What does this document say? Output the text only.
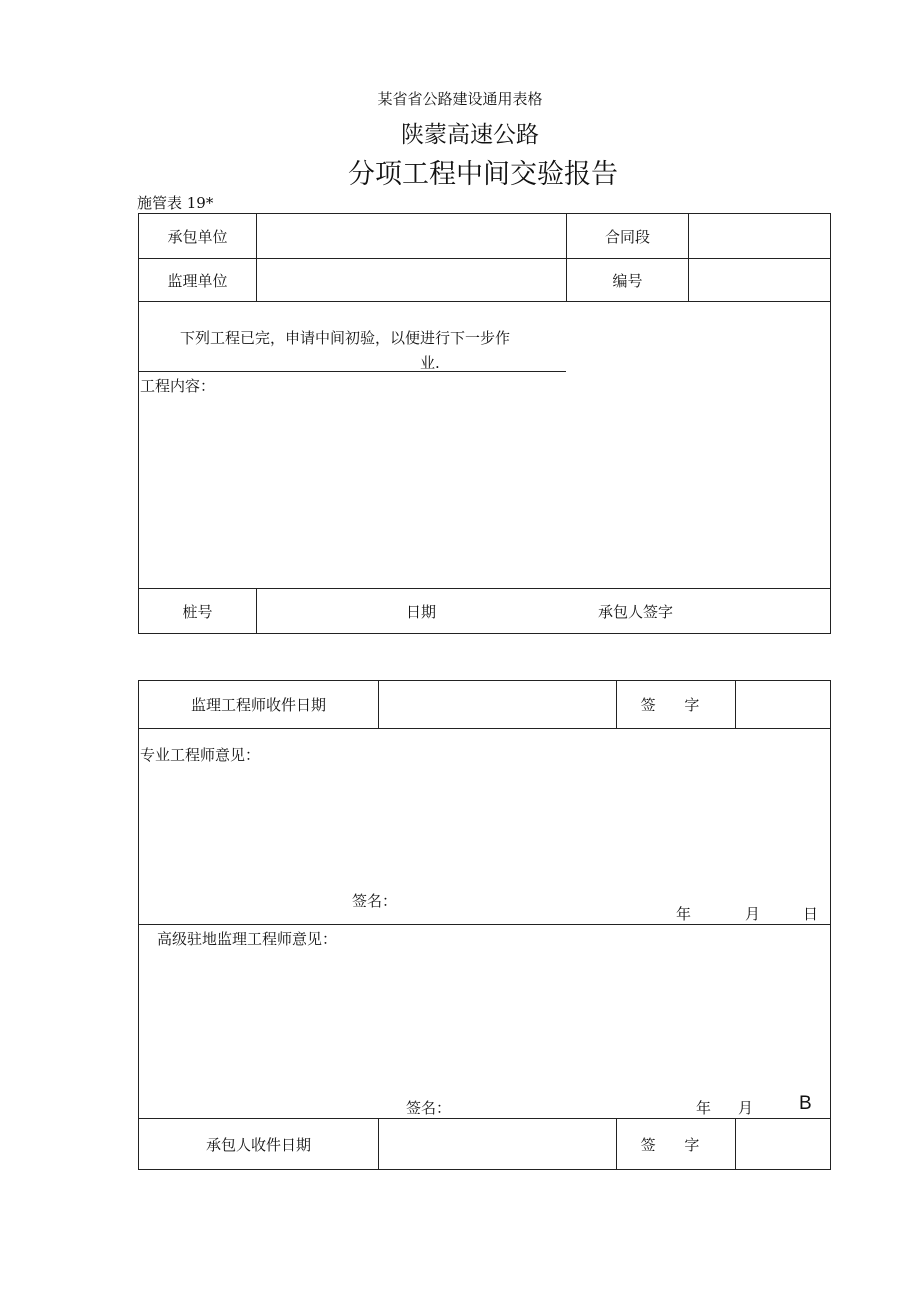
某省省公路建设通用表格
陕蒙高速公路
分项工程中间交验报告
施管表 19*
承包单位	合同段
监理单位	编号
下列工程已完，申请中间初验，以便进行下一步作
业.
工程内容：
桩号	日期	承包人签字
监理工程师收件日期	签 字
专业工程师意见：
签名：
年	月	日
高级驻地监理工程师意见：
签名：	年 月 B
承包人收件日期	签 字
